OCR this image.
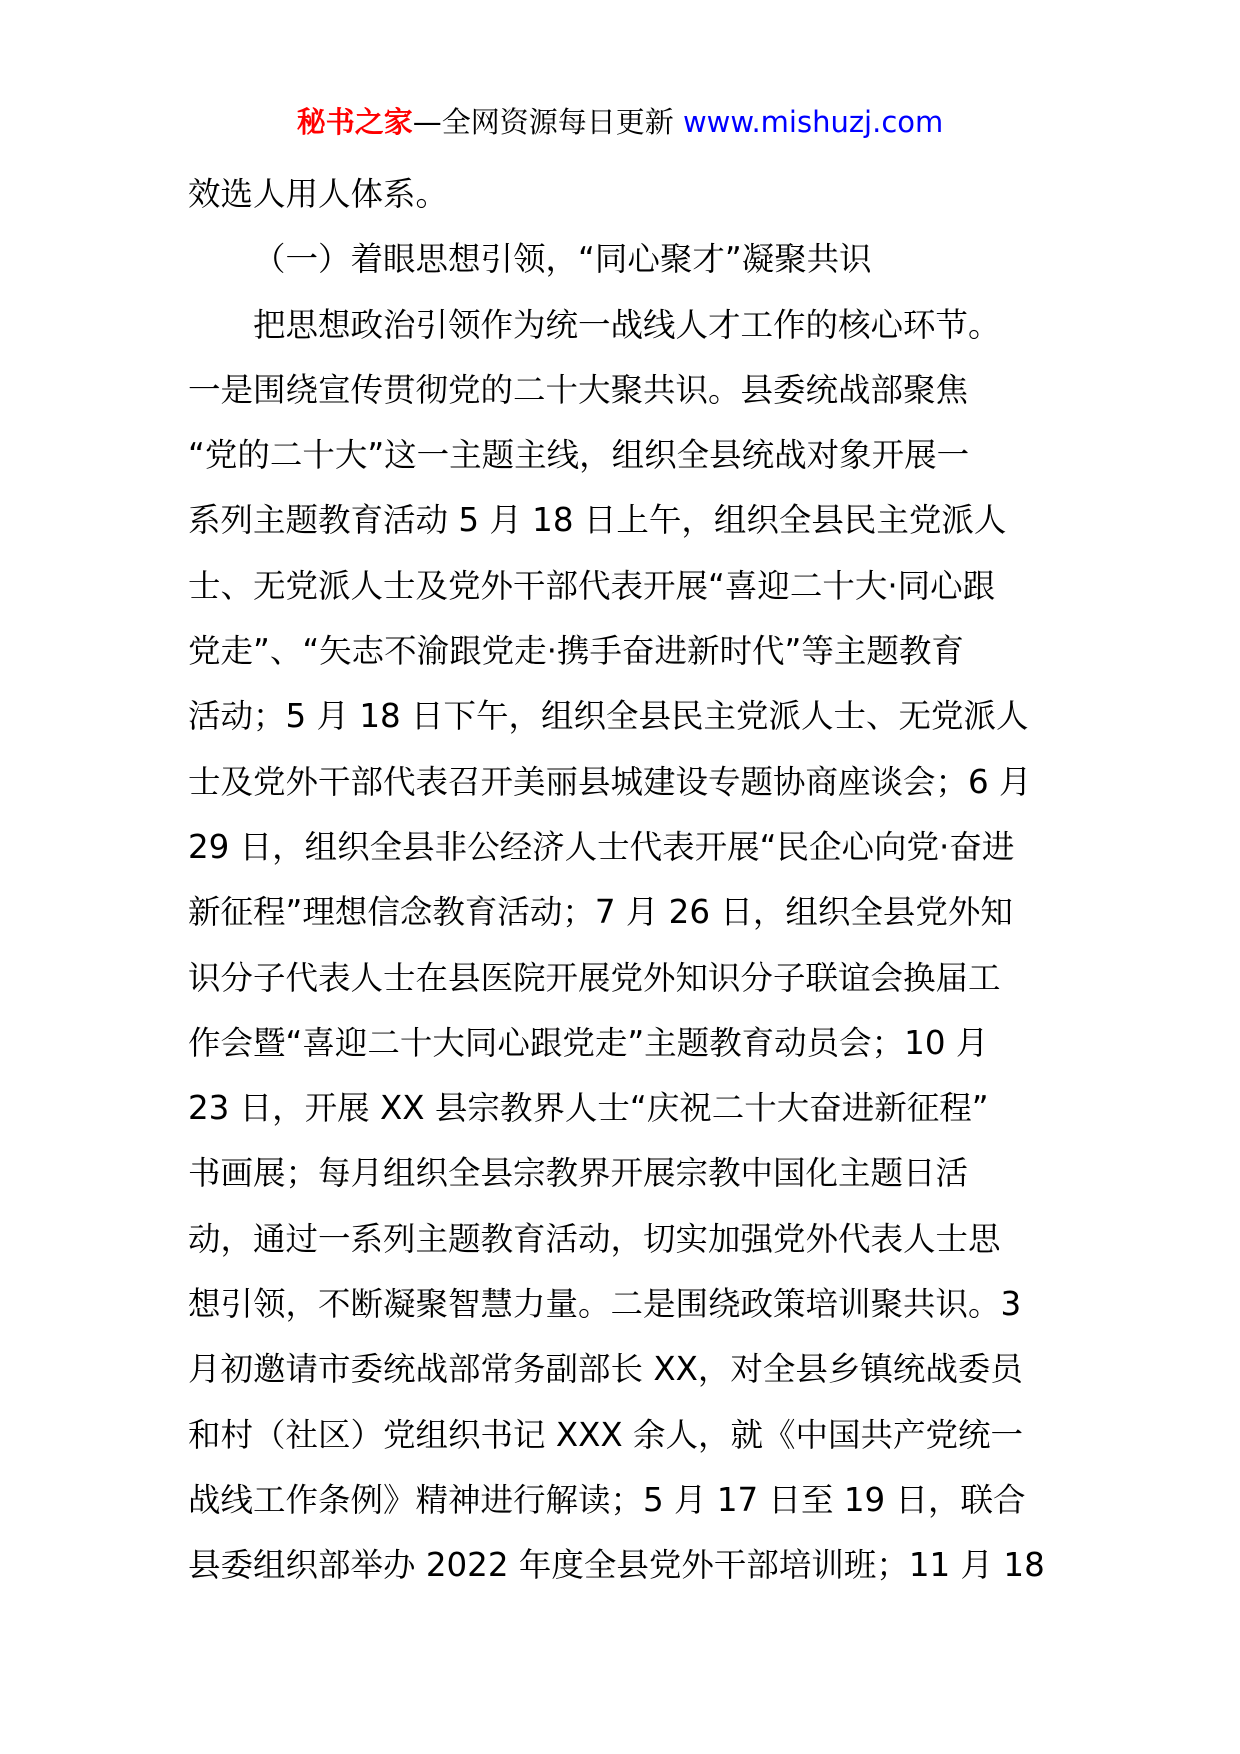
秘书之家—全网资源每日更新 www.mishuzj.com
效选人用人体系。
（一）着眼思想引领，“同心聚才”凝聚共识
把思想政治引领作为统一战线人才工作的核心环节。
一是围绕宣传贯彻党的二十大聚共识。县委统战部聚焦
“党的二十大”这一主题主线，组织全县统战对象开展一
系列主题教育活动 5 月 18 日上午，组织全县民主党派人
士、无党派人士及党外干部代表开展“喜迎二十大·同心跟
党走”、“矢志不渝跟党走·携手奋进新时代”等主题教育
活动；5 月 18 日下午，组织全县民主党派人士、无党派人
士及党外干部代表召开美丽县城建设专题协商座谈会；6 月
29 日，组织全县非公经济人士代表开展“民企心向党·奋进
新征程”理想信念教育活动；7 月 26 日，组织全县党外知
识分子代表人士在县医院开展党外知识分子联谊会换届工
作会暨“喜迎二十大同心跟党走”主题教育动员会；10 月
23 日，开展 XX 县宗教界人士“庆祝二十大奋进新征程”
书画展；每月组织全县宗教界开展宗教中国化主题日活
动，通过一系列主题教育活动，切实加强党外代表人士思
想引领，不断凝聚智慧力量。二是围绕政策培训聚共识。3
月初邀请市委统战部常务副部长 XX，对全县乡镇统战委员
和村（社区）党组织书记 XXX 余人，就《中国共产党统一
战线工作条例》精神进行解读；5 月 17 日至 19 日，联合
县委组织部举办 2022 年度全县党外干部培训班；11 月 18
